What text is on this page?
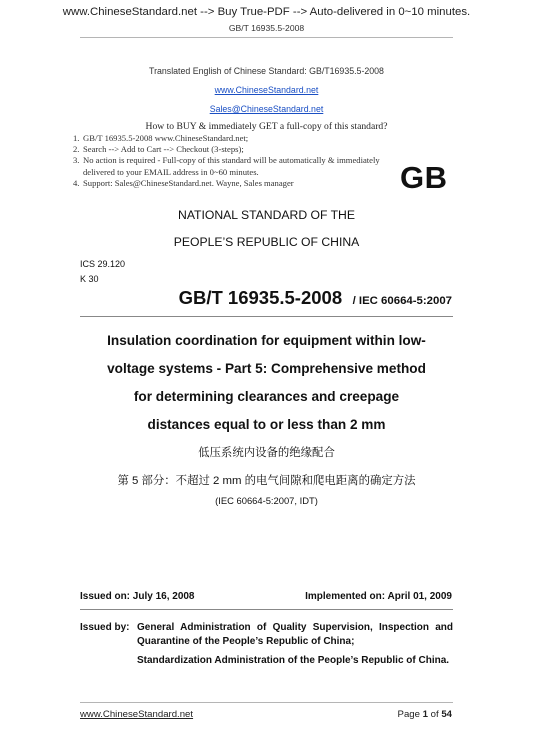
www.ChineseStandard.net --> Buy True-PDF --> Auto-delivered in 0~10 minutes.
GB/T 16935.5-2008
Translated English of Chinese Standard: GB/T16935.5-2008
www.ChineseStandard.net
Sales@ChineseStandard.net
How to BUY & immediately GET a full-copy of this standard?
1. GB/T 16935.5-2008 www.ChineseStandard.net;
2. Search --> Add to Cart --> Checkout (3-steps);
3. No action is required - Full-copy of this standard will be automatically & immediately delivered to your EMAIL address in 0~60 minutes.
4. Support: Sales@ChineseStandard.net. Wayne, Sales manager	GB
NATIONAL STANDARD OF THE
PEOPLE’S REPUBLIC OF CHINA
ICS 29.120
K 30
GB/T 16935.5-2008 / IEC 60664-5:2007
Insulation coordination for equipment within low-
voltage systems - Part 5: Comprehensive method
for determining clearances and creepage
distances equal to or less than 2 mm
低压系统内设备的绝缘配合
第 5 部分：不超过 2 mm 的电气间隙和爬电距离的确定方法
(IEC 60664-5:2007, IDT)
Issued on: July 16, 2008	Implemented on: April 01, 2009
Issued by: General Administration of Quality Supervision, Inspection and Quarantine of the People’s Republic of China;
Standardization Administration of the People’s Republic of China.
www.ChineseStandard.net	Page 1 of 54
